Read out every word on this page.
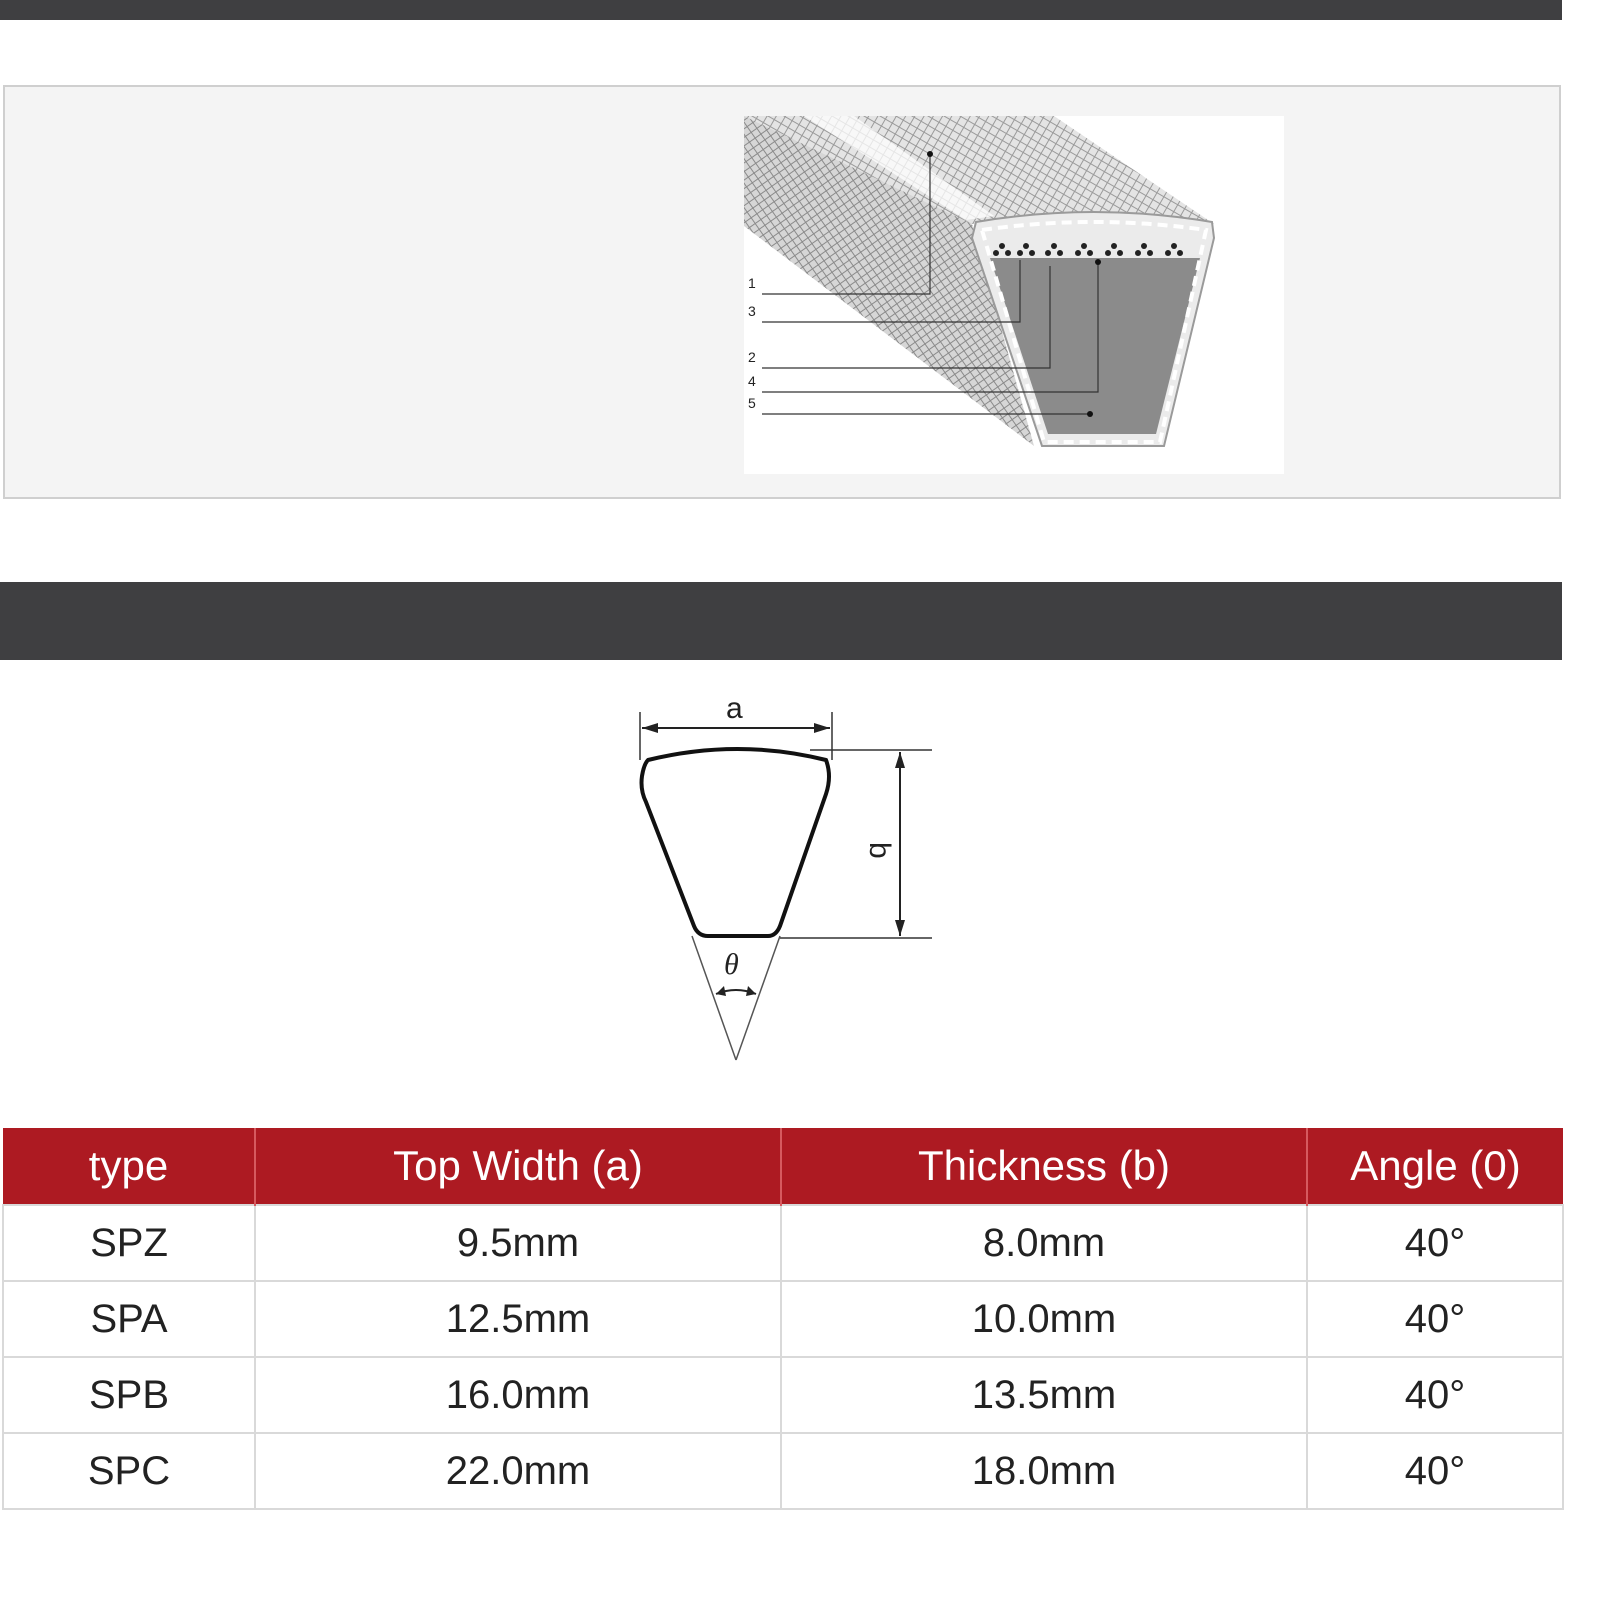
1
3
2
4
5
a
b
θ
type	Top Width (a)	Thickness (b)	Angle (0)
SPZ	9.5mm	8.0mm	40°
SPA	12.5mm	10.0mm	40°
SPB	16.0mm	13.5mm	40°
SPC	22.0mm	18.0mm	40°
